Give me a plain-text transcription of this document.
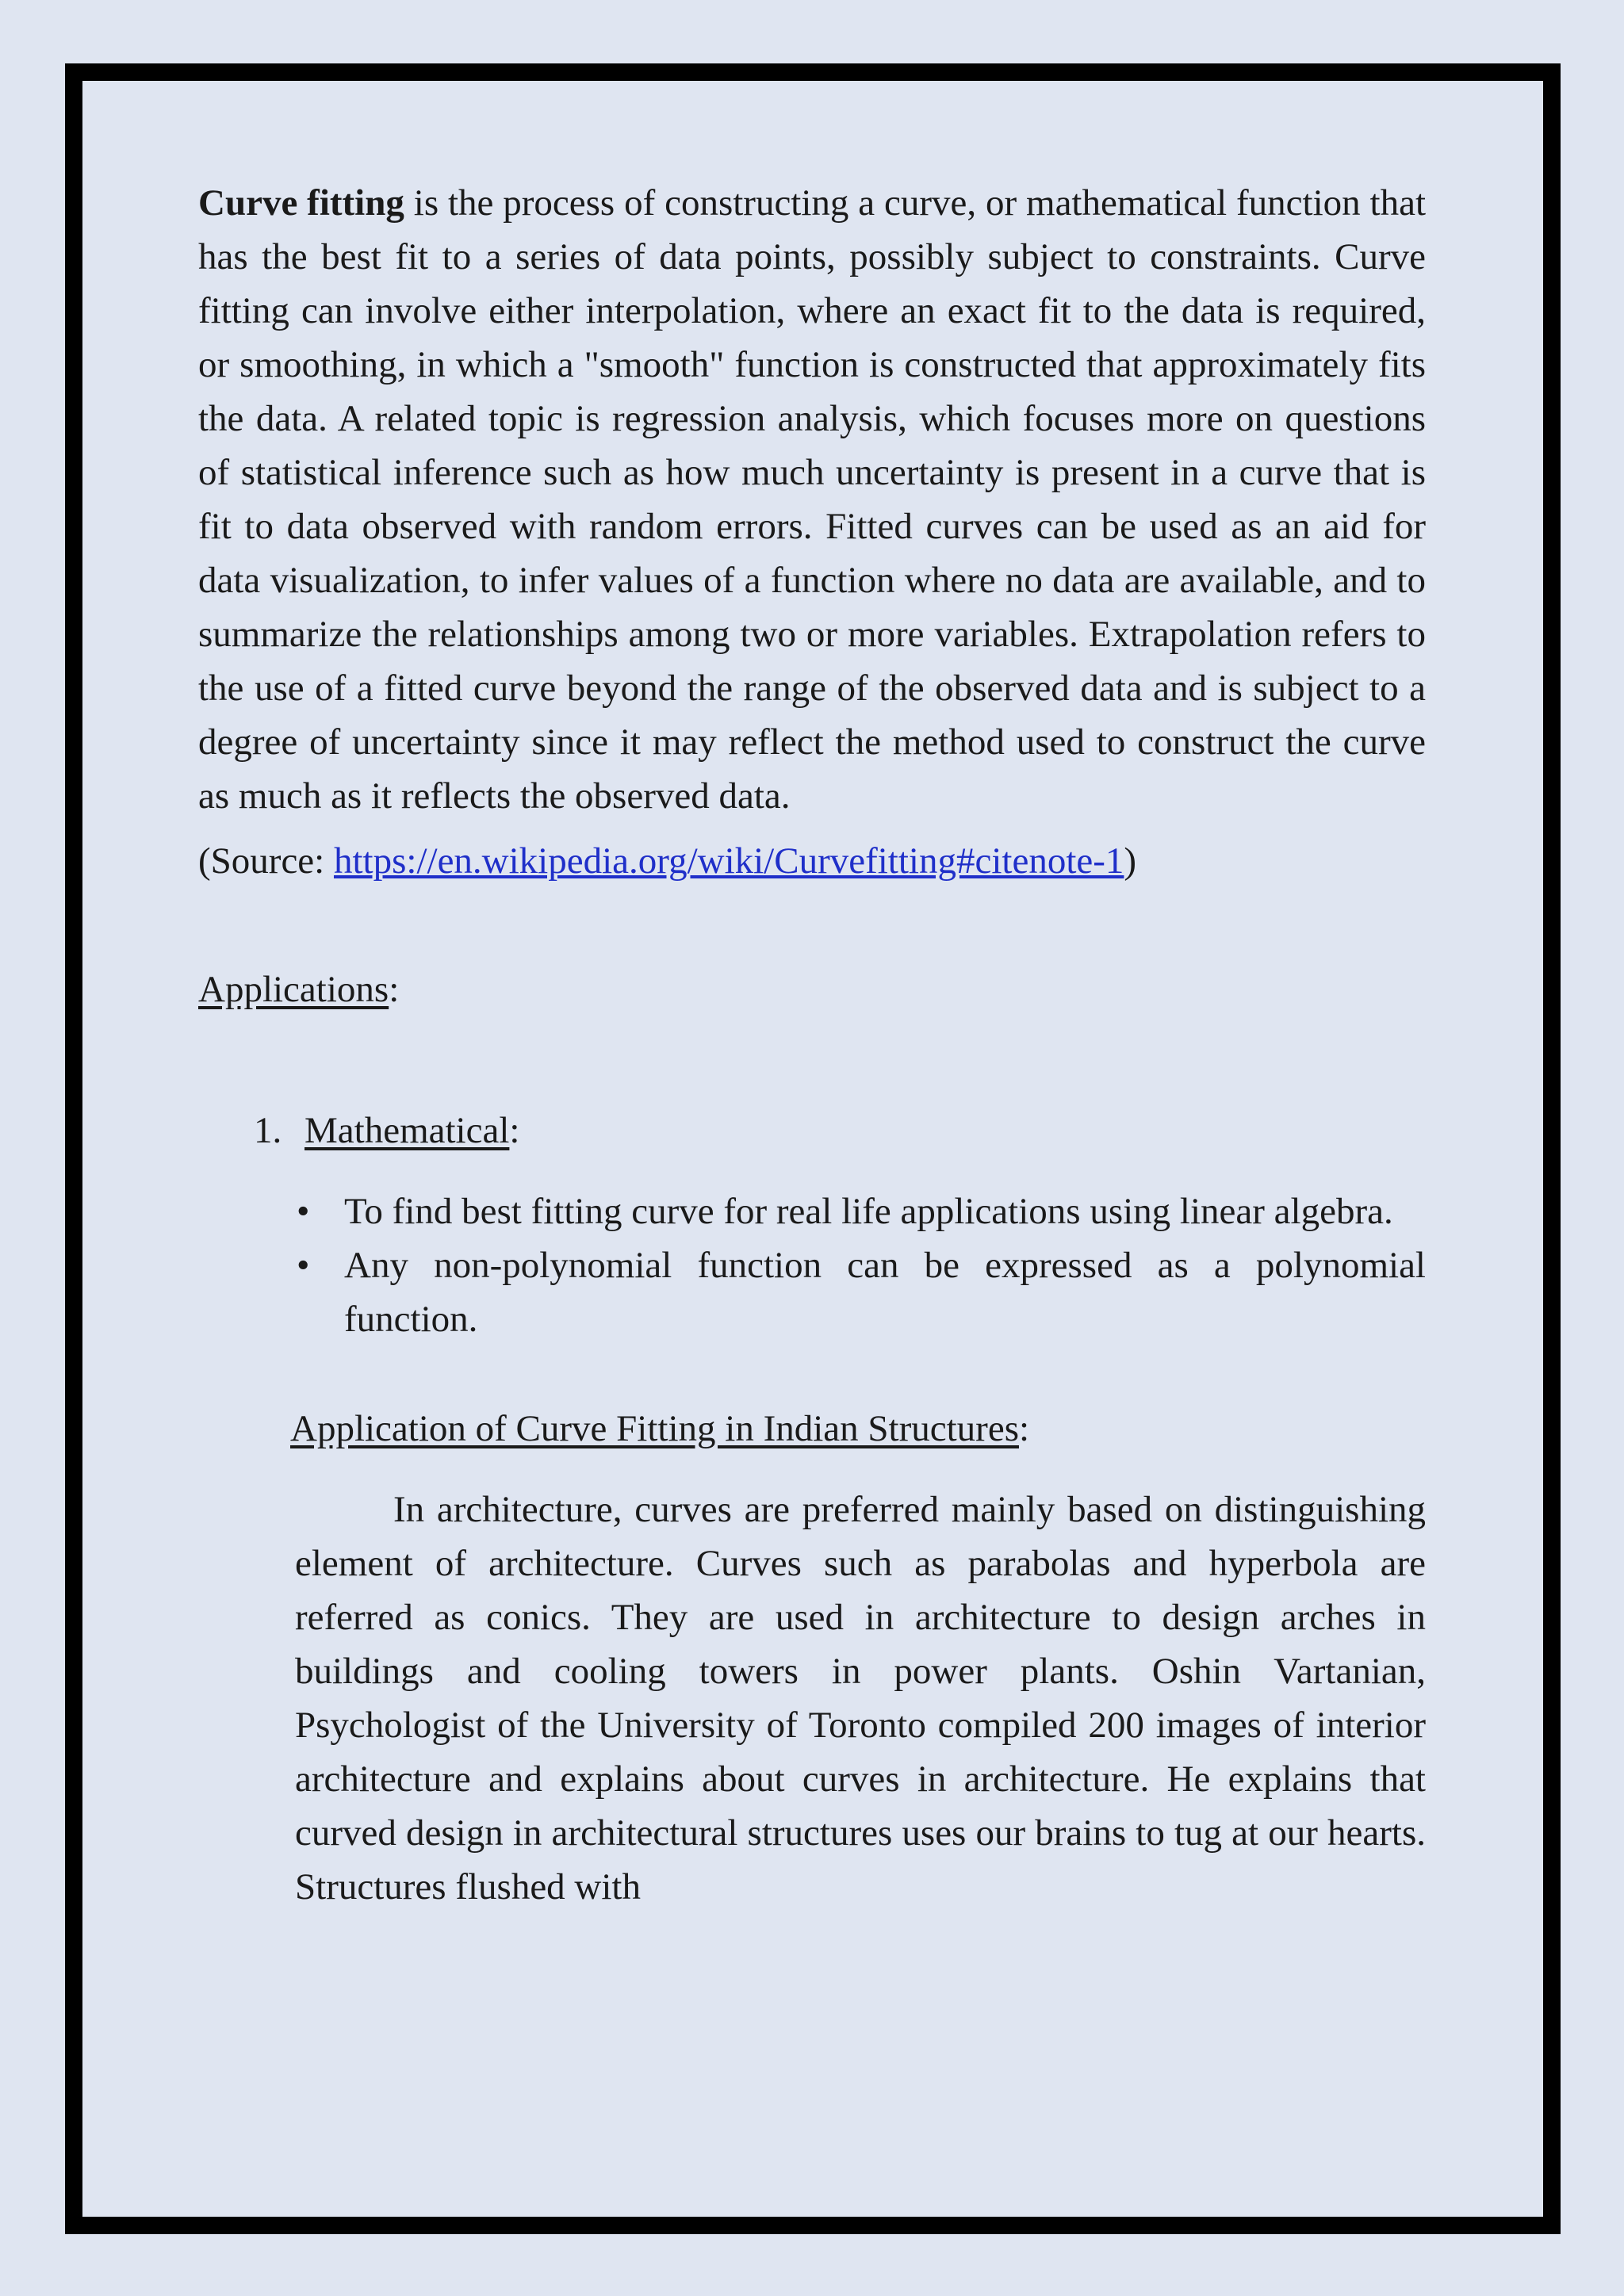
Curve fitting is the process of constructing a curve, or mathematical function that has the best fit to a series of data points, possibly subject to constraints. Curve fitting can involve either interpolation, where an exact fit to the data is required, or smoothing, in which a "smooth" function is constructed that approximately fits the data. A related topic is regression analysis, which focuses more on questions of statistical inference such as how much uncertainty is present in a curve that is fit to data observed with random errors. Fitted curves can be used as an aid for data visualization, to infer values of a function where no data are available, and to summarize the relationships among two or more variables. Extrapolation refers to the use of a fitted curve beyond the range of the observed data and is subject to a degree of uncertainty since it may reflect the method used to construct the curve as much as it reflects the observed data.

(Source: https://en.wikipedia.org/wiki/Curvefitting#citenote-1)

Applications:

1. Mathematical:
• To find best fitting curve for real life applications using linear algebra.
• Any non-polynomial function can be expressed as a polynomial function.

Application of Curve Fitting in Indian Structures:

In architecture, curves are preferred mainly based on distinguishing element of architecture. Curves such as parabolas and hyperbola are referred as conics. They are used in architecture to design arches in buildings and cooling towers in power plants. Oshin Vartanian, Psychologist of the University of Toronto compiled 200 images of interior architecture and explains about curves in architecture. He explains that curved design in architectural structures uses our brains to tug at our hearts. Structures flushed with
